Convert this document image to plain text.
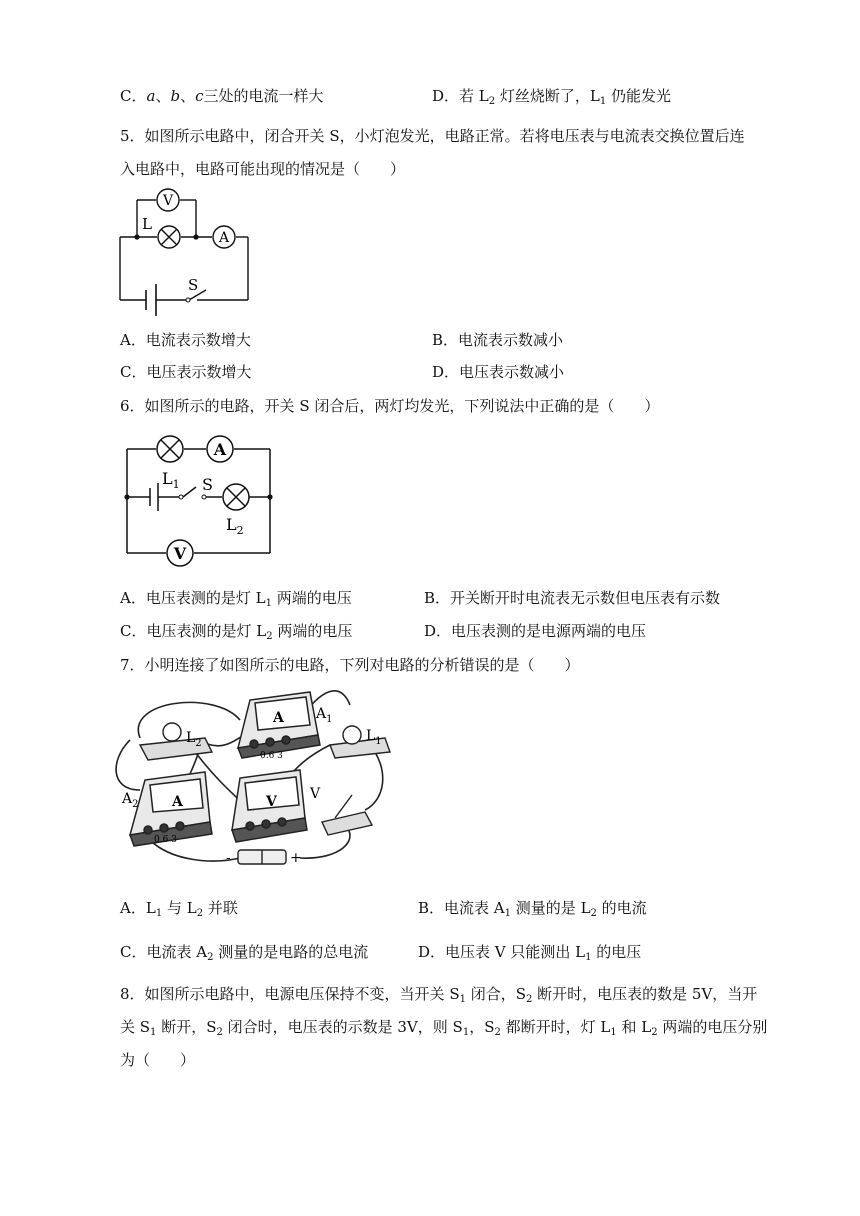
C．a、b、c三处的电流一样大	D．若 $L_2$ 灯丝烧断了，$L_1$ 仍能发光
5．如图所示电路中，闭合开关 S，小灯泡发光，电路正常。若将电压表与电流表交换位置后连
入电路中，电路可能出现的情况是（　　）
V
A
L
S
A．电流表示数增大	B．电流表示数减小
C．电压表示数增大	D．电压表示数减小
6．如图所示的电路，开关 S 闭合后，两灯均发光，下列说法中正确的是（　　）
A
V
$L_1$
$L_2$
S
A．电压表测的是灯 $L_1$ 两端的电压	B．开关断开时电流表无示数但电压表有示数
C．电压表测的是灯 $L_2$ 两端的电压	D．电压表测的是电源两端的电压
7．小明连接了如图所示的电路，下列对电路的分析错误的是（　　）
$A_1$
$A_2$
$L_2$	$L_1$
V
V
A
A
0.6 3
0.6 3
-	+
A．$L_1$ 与 $L_2$ 并联	B．电流表 $A_1$ 测量的是 $L_2$ 的电流
C．电流表 $A_2$ 测量的是电路的总电流	D．电压表 V 只能测出 $L_1$ 的电压
8．如图所示电路中，电源电压保持不变，当开关 $S_1$ 闭合，$S_2$ 断开时，电压表的数是 5V，当开
关 $S_1$ 断开，$S_2$ 闭合时，电压表的示数是 3V，则 $S_1$，$S_2$ 都断开时，灯 $L_1$ 和 $L_2$ 两端的电压分别
为（　　）
